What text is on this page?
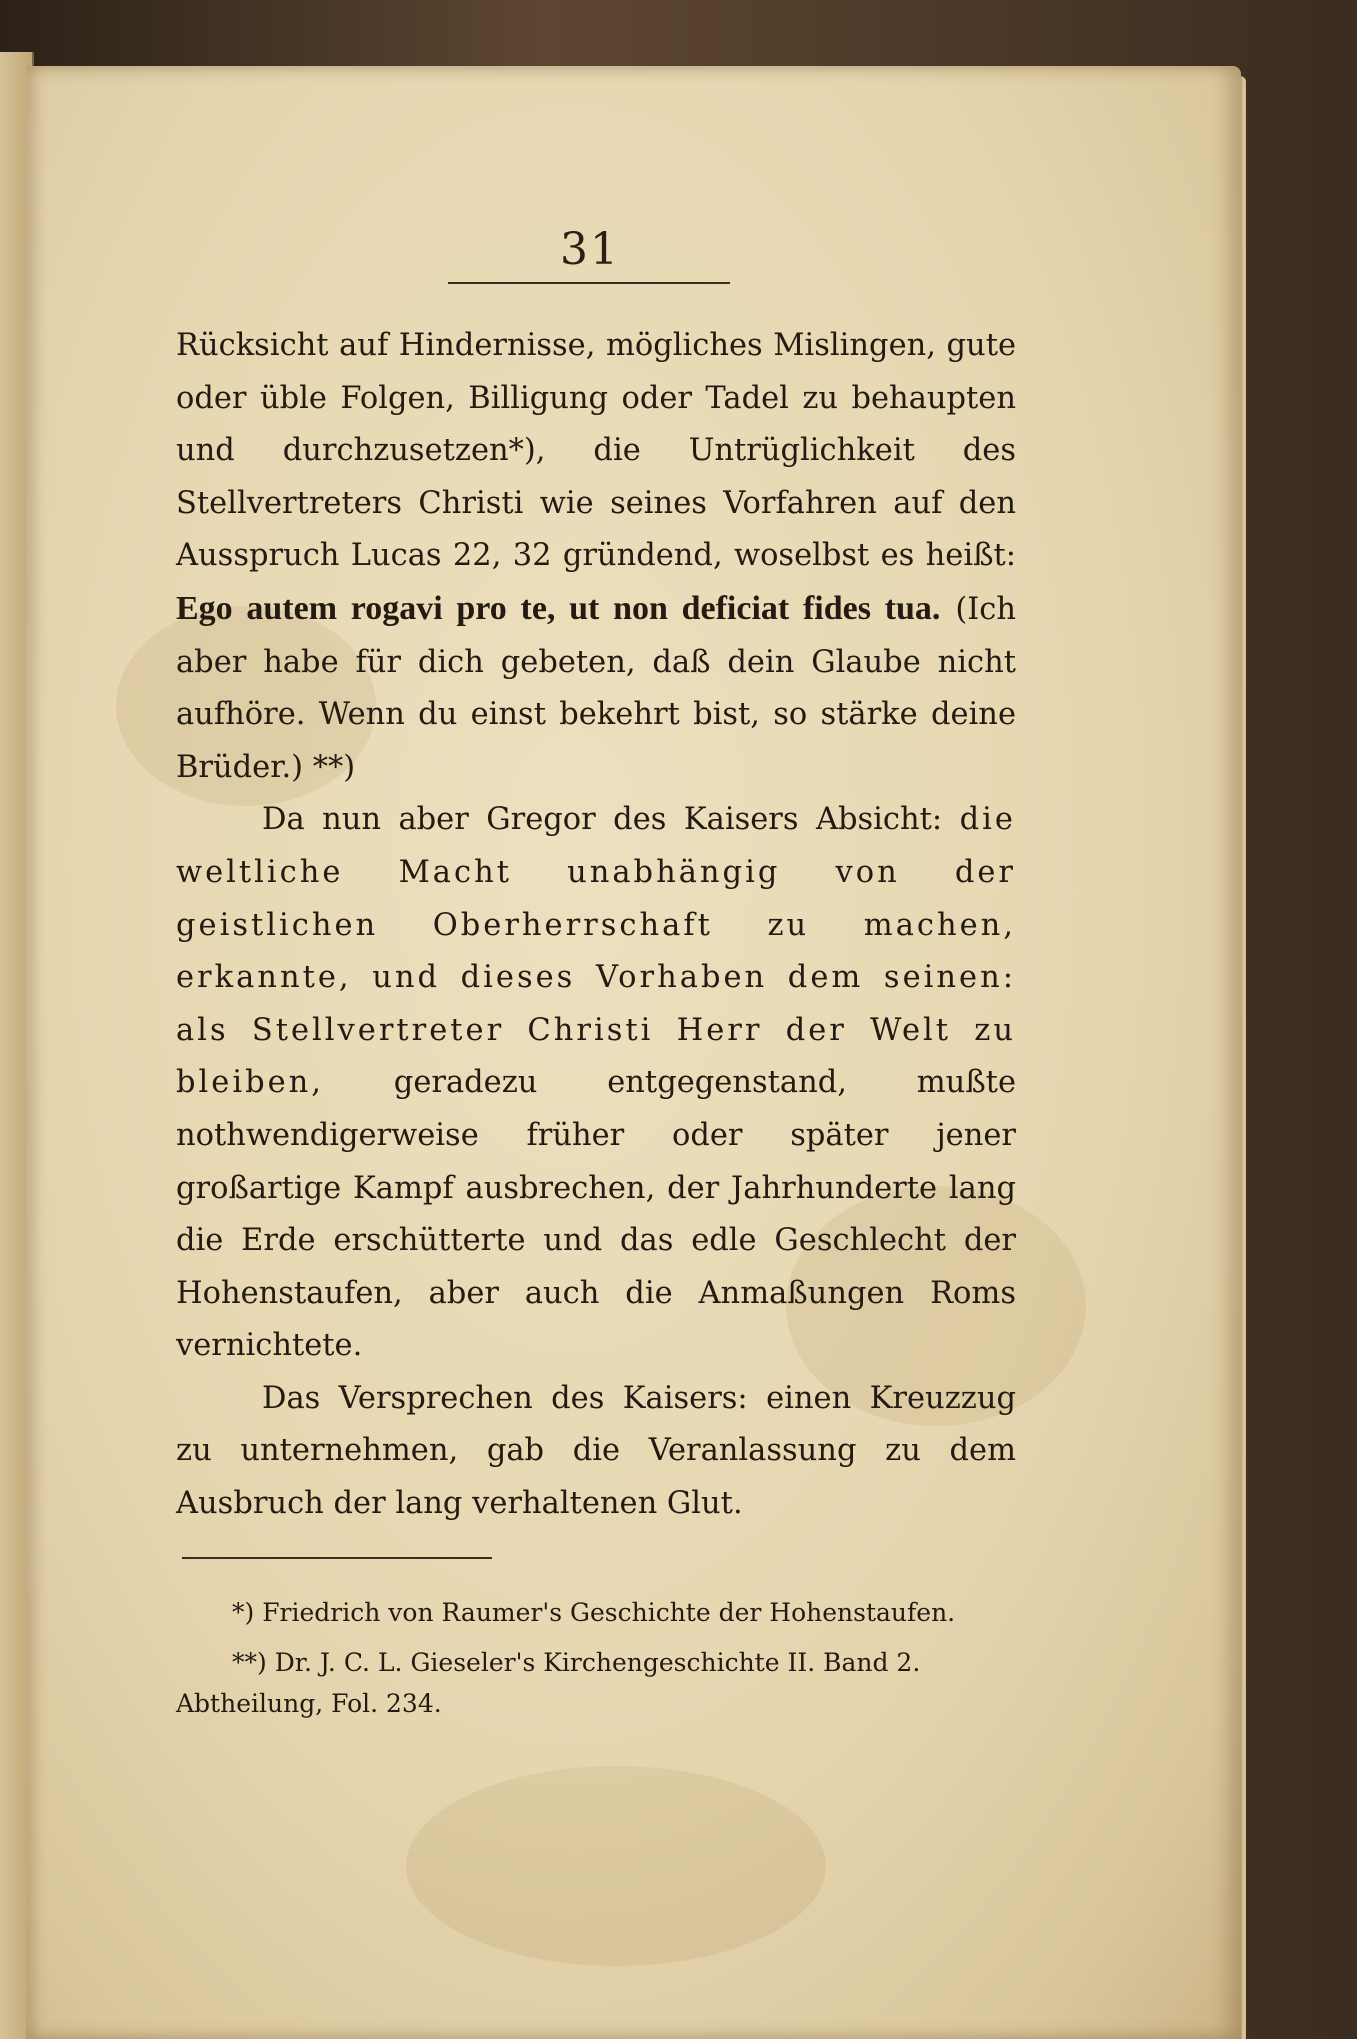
31

Rücksicht auf Hindernisse, mögliches Mislingen, gute oder üble Folgen, Billigung oder Tadel zu behaupten und durchzusetzen*), die Untrüglichkeit des Stellvertreters Christi wie seines Vorfahren auf den Ausspruch Lucas 22, 32 gründend, woselbst es heißt: Ego autem rogavi pro te, ut non deficiat fides tua. (Ich aber habe für dich gebeten, daß dein Glaube nicht aufhöre. Wenn du einst bekehrt bist, so stärke deine Brüder.) **)

Da nun aber Gregor des Kaisers Absicht: die weltliche Macht unabhängig von der geistlichen Oberherrschaft zu machen, erkannte, und dieses Vorhaben dem seinen: als Stellvertreter Christi Herr der Welt zu bleiben, geradezu entgegenstand, mußte nothwendigerweise früher oder später jener großartige Kampf ausbrechen, der Jahrhunderte lang die Erde erschütterte und das edle Geschlecht der Hohenstaufen, aber auch die Anmaßungen Roms vernichtete.

Das Versprechen des Kaisers: einen Kreuzzug zu unternehmen, gab die Veranlassung zu dem Ausbruch der lang verhaltenen Glut.

*) Friedrich von Raumer's Geschichte der Hohenstaufen.

**) Dr. J. C. L. Gieseler's Kirchengeschichte II. Band 2. Abtheilung, Fol. 234.
